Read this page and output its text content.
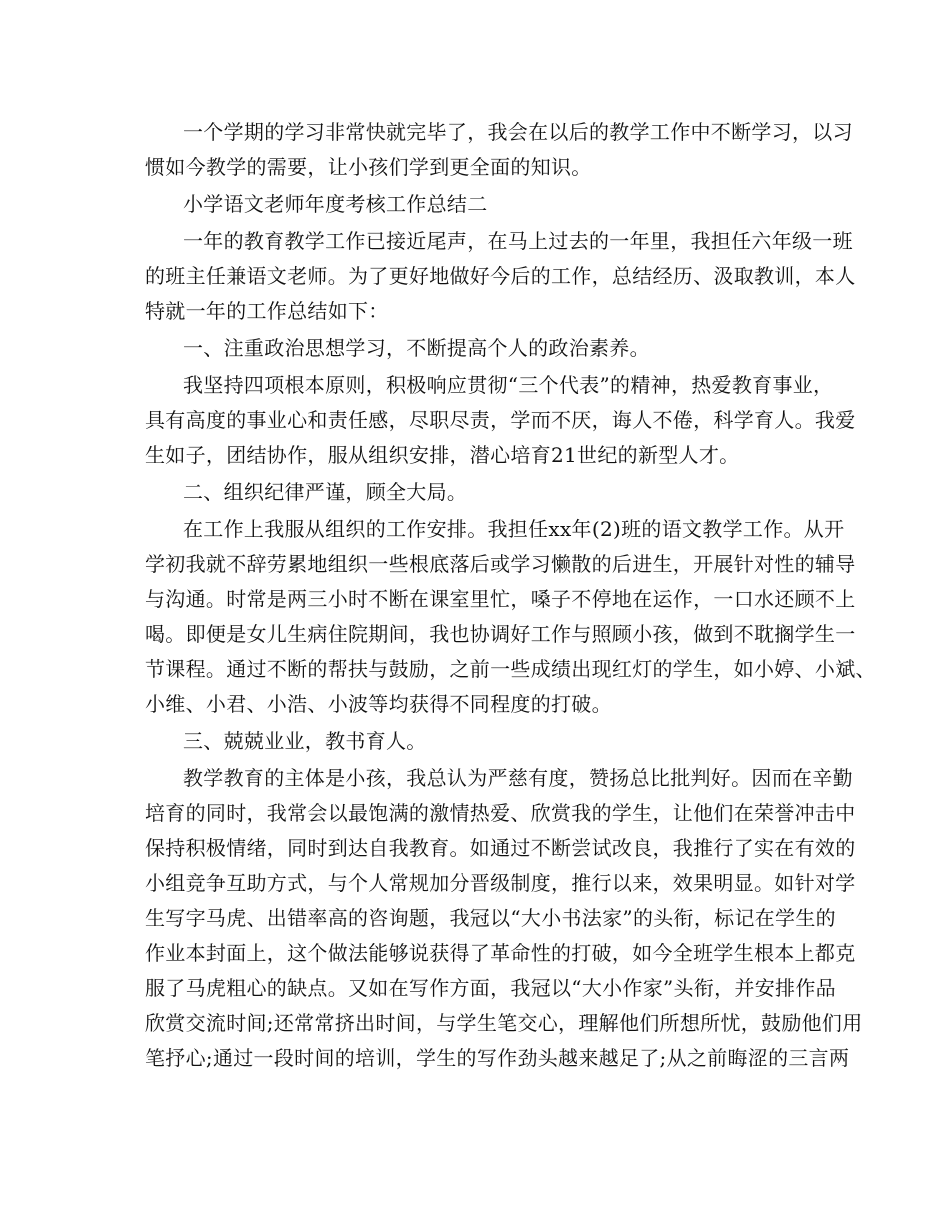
一个学期的学习非常快就完毕了，我会在以后的教学工作中不断学习，以习
惯如今教学的需要，让小孩们学到更全面的知识。
小学语文老师年度考核工作总结二
一年的教育教学工作已接近尾声，在马上过去的一年里，我担任六年级一班
的班主任兼语文老师。为了更好地做好今后的工作，总结经历、汲取教训，本人
特就一年的工作总结如下：
一、注重政治思想学习，不断提高个人的政治素养。
我坚持四项根本原则，积极响应贯彻“三个代表”的精神，热爱教育事业，
具有高度的事业心和责任感，尽职尽责，学而不厌，诲人不倦，科学育人。我爱
生如子，团结协作，服从组织安排，潜心培育21世纪的新型人才。
二、组织纪律严谨，顾全大局。
在工作上我服从组织的工作安排。我担任xx年(2)班的语文教学工作。从开
学初我就不辞劳累地组织一些根底落后或学习懒散的后进生，开展针对性的辅导
与沟通。时常是两三小时不断在课室里忙，嗓子不停地在运作，一口水还顾不上
喝。即便是女儿生病住院期间，我也协调好工作与照顾小孩，做到不耽搁学生一
节课程。通过不断的帮扶与鼓励，之前一些成绩出现红灯的学生，如小婷、小斌、
小维、小君、小浩、小波等均获得不同程度的打破。
三、兢兢业业，教书育人。
教学教育的主体是小孩，我总认为严慈有度，赞扬总比批判好。因而在辛勤
培育的同时，我常会以最饱满的激情热爱、欣赏我的学生，让他们在荣誉冲击中
保持积极情绪，同时到达自我教育。如通过不断尝试改良，我推行了实在有效的
小组竞争互助方式，与个人常规加分晋级制度，推行以来，效果明显。如针对学
生写字马虎、出错率高的咨询题，我冠以“大小书法家”的头衔，标记在学生的
作业本封面上，这个做法能够说获得了革命性的打破，如今全班学生根本上都克
服了马虎粗心的缺点。又如在写作方面，我冠以“大小作家”头衔，并安排作品
欣赏交流时间;还常常挤出时间，与学生笔交心，理解他们所想所忧，鼓励他们用
笔抒心;通过一段时间的培训，学生的写作劲头越来越足了;从之前晦涩的三言两
